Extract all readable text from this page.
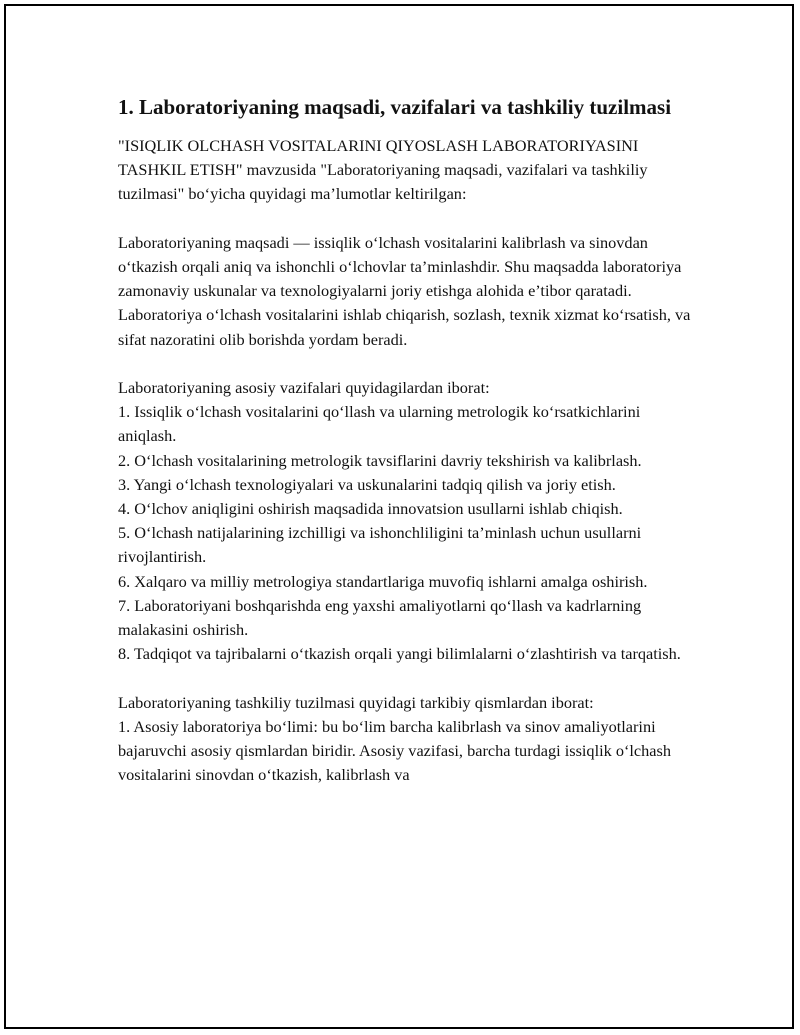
1. Laboratoriyaning maqsadi, vazifalari va tashkiliy tuzilmasi

"ISIQLIK OLCHASH VOSITALARINI QIYOSLASH LABORATORIYASINI TASHKIL ETISH" mavzusida "Laboratoriyaning maqsadi, vazifalari va tashkiliy tuzilmasi" bo‘yicha quyidagi ma’lumotlar keltirilgan:

Laboratoriyaning maqsadi — issiqlik o‘lchash vositalarini kalibrlash va sinovdan o‘tkazish orqali aniq va ishonchli o‘lchovlar ta’minlashdir. Shu maqsadda laboratoriya zamonaviy uskunalar va texnologiyalarni joriy etishga alohida e’tibor qaratadi. Laboratoriya o‘lchash vositalarini ishlab chiqarish, sozlash, texnik xizmat ko‘rsatish, va sifat nazoratini olib borishda yordam beradi.

Laboratoriyaning asosiy vazifalari quyidagilardan iborat:

1. Issiqlik o‘lchash vositalarini qo‘llash va ularning metrologik ko‘rsatkichlarini aniqlash.

2. O‘lchash vositalarining metrologik tavsiflarini davriy tekshirish va kalibrlash.

3. Yangi o‘lchash texnologiyalari va uskunalarini tadqiq qilish va joriy etish.

4. O‘lchov aniqligini oshirish maqsadida innovatsion usullarni ishlab chiqish.

5. O‘lchash natijalarining izchilligi va ishonchliligini ta’minlash uchun usullarni rivojlantirish.

6. Xalqaro va milliy metrologiya standartlariga muvofiq ishlarni amalga oshirish.

7. Laboratoriyani boshqarishda eng yaxshi amaliyotlarni qo‘llash va kadrlarning malakasini oshirish.

8. Tadqiqot va tajribalarni o‘tkazish orqali yangi bilimlalarni o‘zlashtirish va tarqatish.

Laboratoriyaning tashkiliy tuzilmasi quyidagi tarkibiy qismlardan iborat:

1. Asosiy laboratoriya bo‘limi: bu bo‘lim barcha kalibrlash va sinov amaliyotlarini bajaruvchi asosiy qismlardan biridir. Asosiy vazifasi, barcha turdagi issiqlik o‘lchash vositalarini sinovdan o‘tkazish, kalibrlash va
